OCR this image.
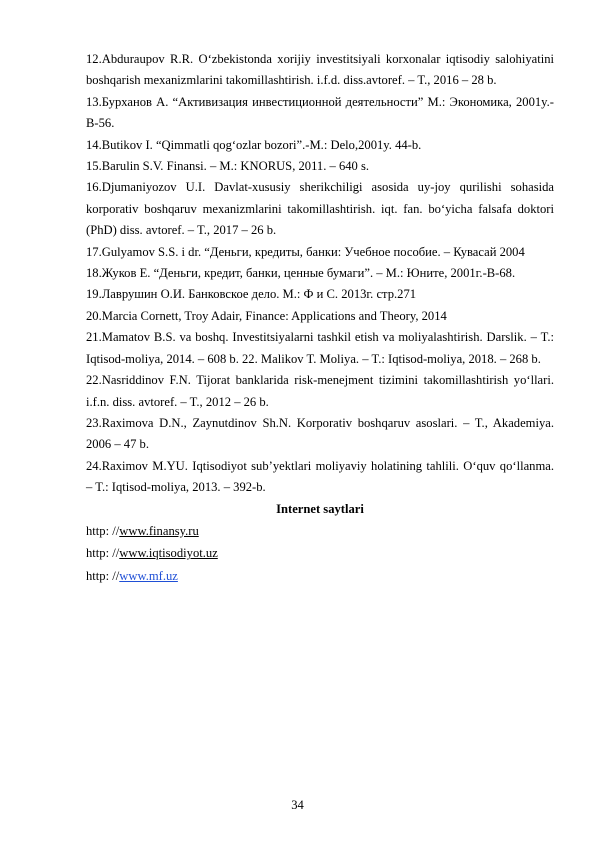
12.Abduraupov R.R. O‘zbekistonda xorijiy investitsiyali korxonalar iqtisodiy salohiyatini boshqarish mexanizmlarini takomillashtirish. i.f.d. diss.avtoref. – T., 2016 – 28 b.

13.Бурханов А. “Активизация инвестиционной деятельности” М.: Экономика, 2001y.-B-56.

14.Butikov I. “Qimmatli qog‘ozlar bozori”.-M.: Delo,2001y. 44-b.

15.Barulin S.V. Finansi. – M.: KNORUS, 2011. – 640 s.

16.Djumaniyozov U.I. Davlat-xususiy sherikchiligi asosida uy-joy qurilishi sohasida korporativ boshqaruv mexanizmlarini takomillashtirish. iqt. fan. bo‘yicha falsafa doktori (PhD) diss. avtoref. – T., 2017 – 26 b.

17.Gulyamov S.S. i dr. “Деньги, кредиты, банки: Учебное пособие. – Кувасай 2004

18.Жуков Е. “Деньги, кредит, банки, ценные бумаги”. – М.: Юните, 2001г.-В-68.

19.Лаврушин О.И. Банковское дело. М.: Ф и С. 2013г. стр.271

20.Marcia Cornett, Troy Adair, Finance: Applications and Theory, 2014

21.Mamatov B.S. va boshq. Investitsiyalarni tashkil etish va moliyalashtirish. Darslik. – T.: Iqtisod-moliya, 2014. – 608 b. 22. Malikov T. Moliya. – T.: Iqtisod-moliya, 2018. – 268 b.

22.Nasriddinov F.N. Tijorat banklarida risk-menejment tizimini takomillashtirish yo‘llari. i.f.n. diss. avtoref. – T., 2012 – 26 b.

23.Raximova D.N., Zaynutdinov Sh.N. Korporativ boshqaruv asoslari. – T., Akademiya. 2006 – 47 b.

24.Raximov M.YU. Iqtisodiyot sub’yektlari moliyaviy holatining tahlili. O‘quv qo‘llanma. – T.: Iqtisod-moliya, 2013. – 392-b.

Internet saytlari

http: //www.finansy.ru

http: //www.iqtisodiyot.uz

http: //www.mf.uz

34
